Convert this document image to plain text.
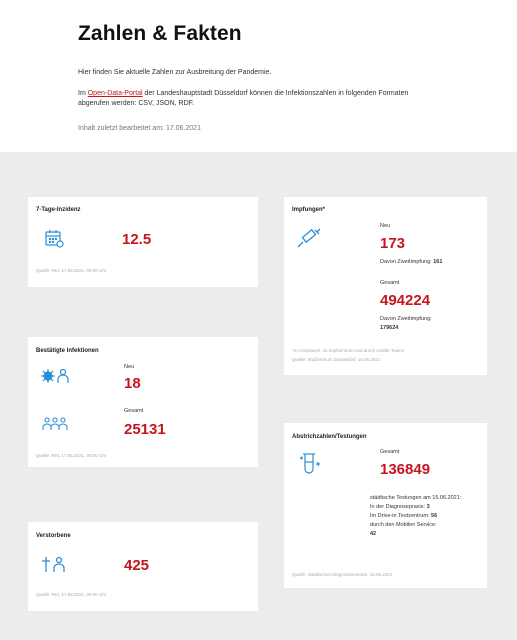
Zahlen & Fakten
Hier finden Sie aktuelle Zahlen zur Ausbreitung der Pandemie.
Im Open-Data-Portal der Landeshauptstadt Düsseldorf können die Infektionszahlen in folgenden Formaten abgerufen werden: CSV, JSON, RDF.
Inhalt zuletzt bearbeitet am: 17.06.2021
7-Tage-Inzidenz
12.5
Quelle: RKI, 17.06.2021, 00:00 Uhr
Bestätigte Infektionen
Neu
18
Gesamt
25131
Quelle: RKI, 17.06.2021, 00:00 Uhr
Verstorbene
425
Quelle: RKI, 17.06.2021, 00:00 Uhr
Impfungen*
Neu
173
Davon Zweitimpfung: 161
Gesamt
494224
Davon Zweitimpfung:
179624
*In Arztpraxen, im Impfzentrum und durch mobile Teams
Quelle: Impfzentrum Düsseldorf, 16.06.2021
Abstrichzahlen/Testungen
Gesamt
136849
städtische Testungen am 15.06.2021:
In der Diagnosepraxis: 3
Im Drive-in Testzentrum: 56
durch den Mobilen Service:
42
Quelle: Städtisches Diagnosezentrum, 16.06.2021
